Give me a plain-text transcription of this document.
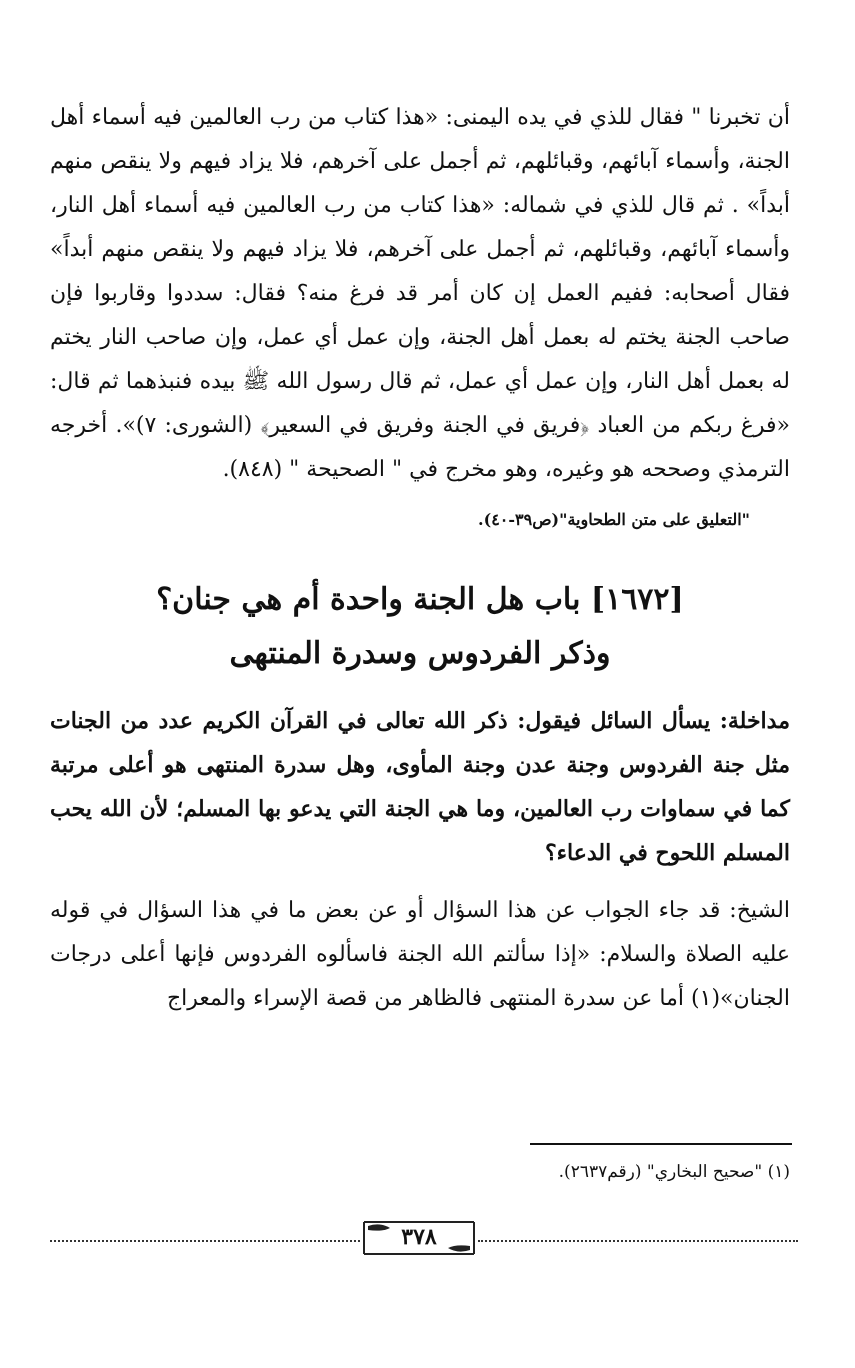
أن تخبرنا " فقال للذي في يده اليمنى: «هذا كتاب من رب العالمين فيه أسماء أهل الجنة، وأسماء آبائهم، وقبائلهم، ثم أجمل على آخرهم، فلا يزاد فيهم ولا ينقص منهم أبداً» . ثم قال للذي في شماله: «هذا كتاب من رب العالمين فيه أسماء أهل النار، وأسماء آبائهم، وقبائلهم، ثم أجمل على آخرهم، فلا يزاد فيهم ولا ينقص منهم أبداً» فقال أصحابه: ففيم العمل إن كان أمر قد فرغ منه؟ فقال: سددوا وقاربوا فإن صاحب الجنة يختم له بعمل أهل الجنة، وإن عمل أي عمل، وإن صاحب النار يختم له بعمل أهل النار، وإن عمل أي عمل، ثم قال رسول الله ﷺ بيده فنبذهما ثم قال: «فرغ ربكم من العباد ﴿فريق في الجنة وفريق في السعير﴾ (الشورى: ٧)». أخرجه الترمذي وصححه هو وغيره، وهو مخرج في " الصحيحة " (٨٤٨).

"التعليق على متن الطحاوية"(ص٣٩-٤٠).
[١٦٧٢] باب هل الجنة واحدة أم هي جنان؟
وذكر الفردوس وسدرة المنتهى

مداخلة: يسأل السائل فيقول: ذكر الله تعالى في القرآن الكريم عدد من الجنات مثل جنة الفردوس وجنة عدن وجنة المأوى، وهل سدرة المنتهى هو أعلى مرتبة كما في سماوات رب العالمين، وما هي الجنة التي يدعو بها المسلم؛ لأن الله يحب المسلم اللحوح في الدعاء؟

الشيخ: قد جاء الجواب عن هذا السؤال أو عن بعض ما في هذا السؤال في قوله عليه الصلاة والسلام: «إذا سألتم الله الجنة فاسألوه الفردوس فإنها أعلى درجات الجنان»(١) أما عن سدرة المنتهى فالظاهر من قصة الإسراء والمعراج

(١) "صحيح البخاري" (رقم٢٦٣٧).
٣٧٨
